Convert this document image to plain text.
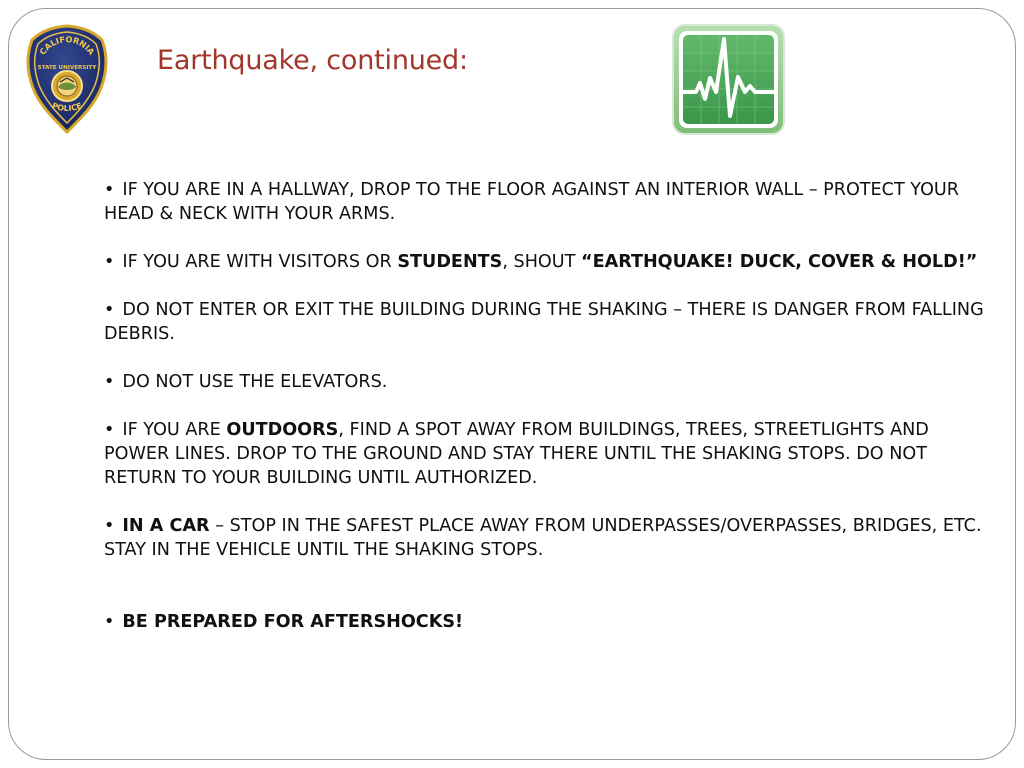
CALIFORNIA
STATE UNIVERSITY
POLICE
Earthquake, continued:

• IF YOU ARE IN A HALLWAY, DROP TO THE FLOOR AGAINST AN INTERIOR WALL – PROTECT YOUR HEAD & NECK WITH YOUR ARMS.

• IF YOU ARE WITH VISITORS OR STUDENTS, SHOUT “EARTHQUAKE! DUCK, COVER & HOLD!”

• DO NOT ENTER OR EXIT THE BUILDING DURING THE SHAKING – THERE IS DANGER FROM FALLING DEBRIS.

• DO NOT USE THE ELEVATORS.

• IF YOU ARE OUTDOORS, FIND A SPOT AWAY FROM BUILDINGS, TREES, STREETLIGHTS AND POWER LINES. DROP TO THE GROUND AND STAY THERE UNTIL THE SHAKING STOPS. DO NOT RETURN TO YOUR BUILDING UNTIL AUTHORIZED.

• IN A CAR – STOP IN THE SAFEST PLACE AWAY FROM UNDERPASSES/OVERPASSES, BRIDGES, ETC. STAY IN THE VEHICLE UNTIL THE SHAKING STOPS.

• BE PREPARED FOR AFTERSHOCKS!
